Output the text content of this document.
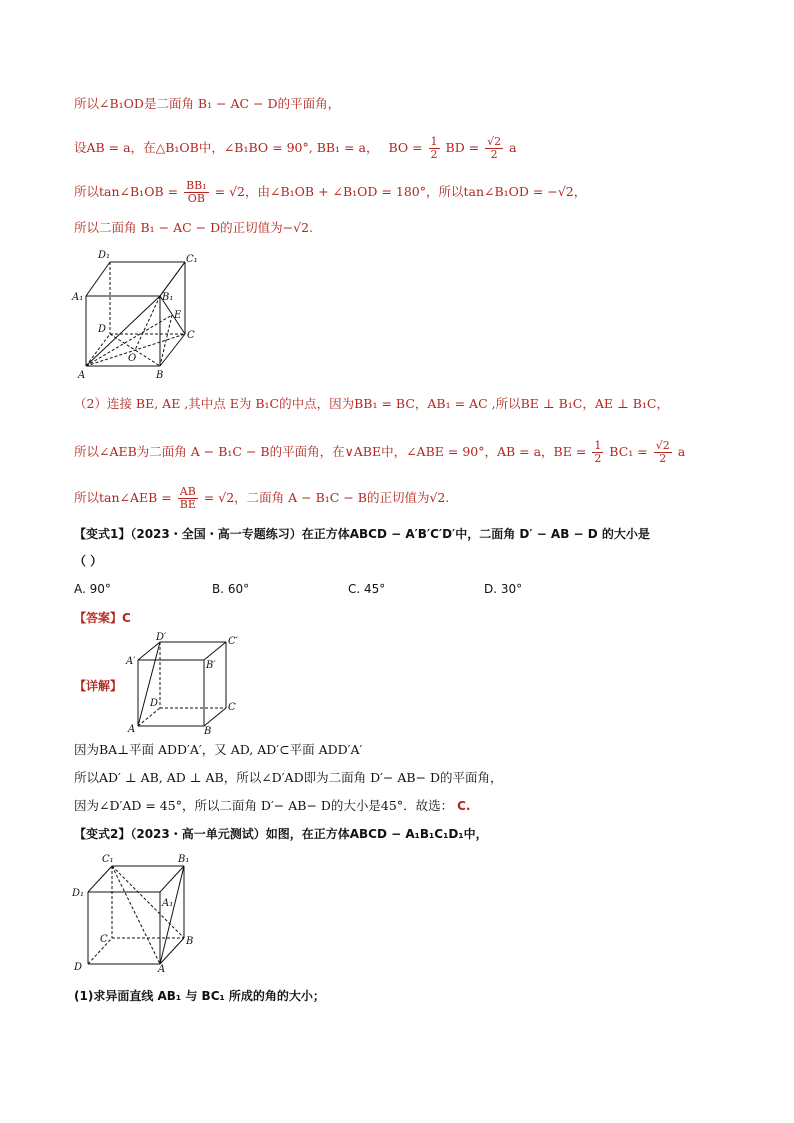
所以∠B₁OD是二面角 B₁ − AC − D的平面角，
设AB = a，在△B₁OB中，∠B₁BO = 90°, BB₁ = a， BO = $\frac{1}{2}$ BD = $\frac{√2}{2}$ a
所以tan∠B₁OB = $\frac{\text{BB₁}}{OB} = √2$，由∠B₁OB + ∠B₁OD = 180°，所以tan∠B₁OD = −√2，
所以二面角 B₁ − AC − D的正切值为−√2.
D₁	C₁
A₁	B₁
E
D
C
O
A	B
（2）连接 BE, AE ,其中点 E为 B₁C的中点，因为BB₁ = BC，AB₁ = AC ,所以BE ⊥ B₁C，AE ⊥ B₁C，
所以∠AEB为二面角 A − B₁C − B的平面角，在∨ABE中，∠ABE = 90°，AB = a，BE = $\frac{1}{2} BC_1 = \frac{√2}{2}$ a
所以tan∠AEB = $\frac{AB}{BE} = √2$，二面角 A − B₁C − B的正切值为√2.
【变式1】（2023・全国・高一专题练习）在正方体ABCD − A′B′C′D′中，二面角 D′ − AB − D 的大小是
（ ）
A. 90°	B. 60°	C. 45°	D. 30°
【答案】C
D′	C′
A′	B′
D	C
A	B
【详解】
因为BA⊥平面 ADD′A′，又 AD, AD′⊂平面 ADD′A′
所以AD′ ⊥ AB, AD ⊥ AB，所以∠D′AD即为二面角 D′− AB− D的平面角，
因为∠D′AD = 45°，所以二面角 D′− AB− D的大小是45°．故选： C.
【变式2】（2023・高一单元测试）如图，在正方体ABCD − A₁B₁C₁D₁中，
C₁	B₁
D₁
A₁
C	B
D	A
(1)求异面直线 AB₁ 与 BC₁ 所成的角的大小；
